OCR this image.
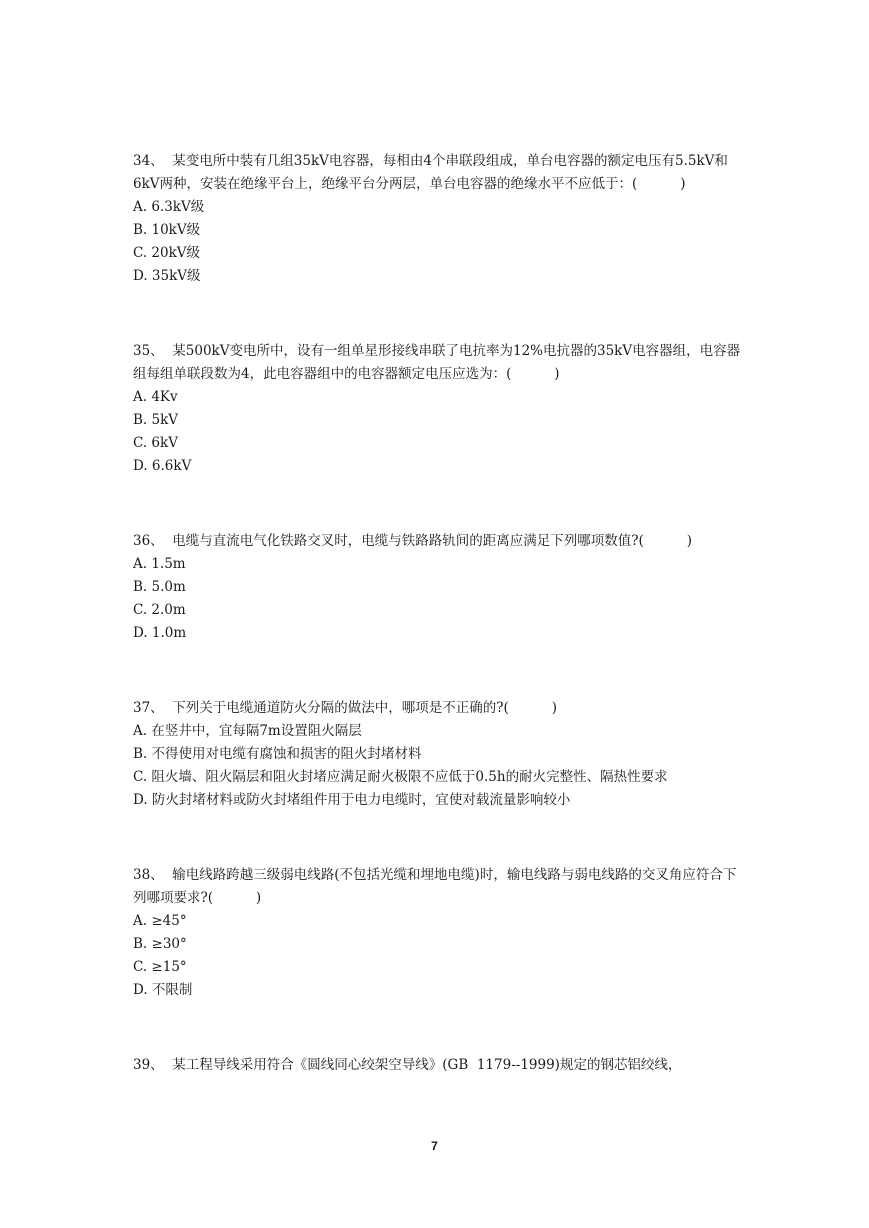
34、 某变电所中装有几组35kV电容器，每相由4个串联段组成，单台电容器的额定电压有5.5kV和6kV两种，安装在绝缘平台上，绝缘平台分两层，单台电容器的绝缘水平不应低于：(          )

A. 6.3kV级

B. 10kV级

C. 20kV级

D. 35kV级

35、 某500kV变电所中，设有一组单星形接线串联了电抗率为12%电抗器的35kV电容器组，电容器组每组单联段数为4，此电容器组中的电容器额定电压应选为：(          )

A. 4Kv

B. 5kV

C. 6kV

D. 6.6kV

36、 电缆与直流电气化铁路交叉时，电缆与铁路路轨间的距离应满足下列哪项数值?(          )

A. 1.5m

B. 5.0m

C. 2.0m

D. 1.0m

37、 下列关于电缆通道防火分隔的做法中，哪项是不正确的?(          )

A. 在竖井中，宜每隔7m设置阻火隔层

B. 不得使用对电缆有腐蚀和损害的阻火封堵材料

C. 阻火墙、阻火隔层和阻火封堵应满足耐火极限不应低于0.5h的耐火完整性、隔热性要求

D. 防火封堵材料或防火封堵组件用于电力电缆时，宜使对载流量影响较小

38、 输电线路跨越三级弱电线路(不包括光缆和埋地电缆)时，输电线路与弱电线路的交叉角应符合下列哪项要求?(          )

A. ≥45°

B. ≥30°

C. ≥15°

D. 不限制

39、 某工程导线采用符合《圆线同心绞架空导线》(GB  1179--1999)规定的钢芯铝绞线，

7
